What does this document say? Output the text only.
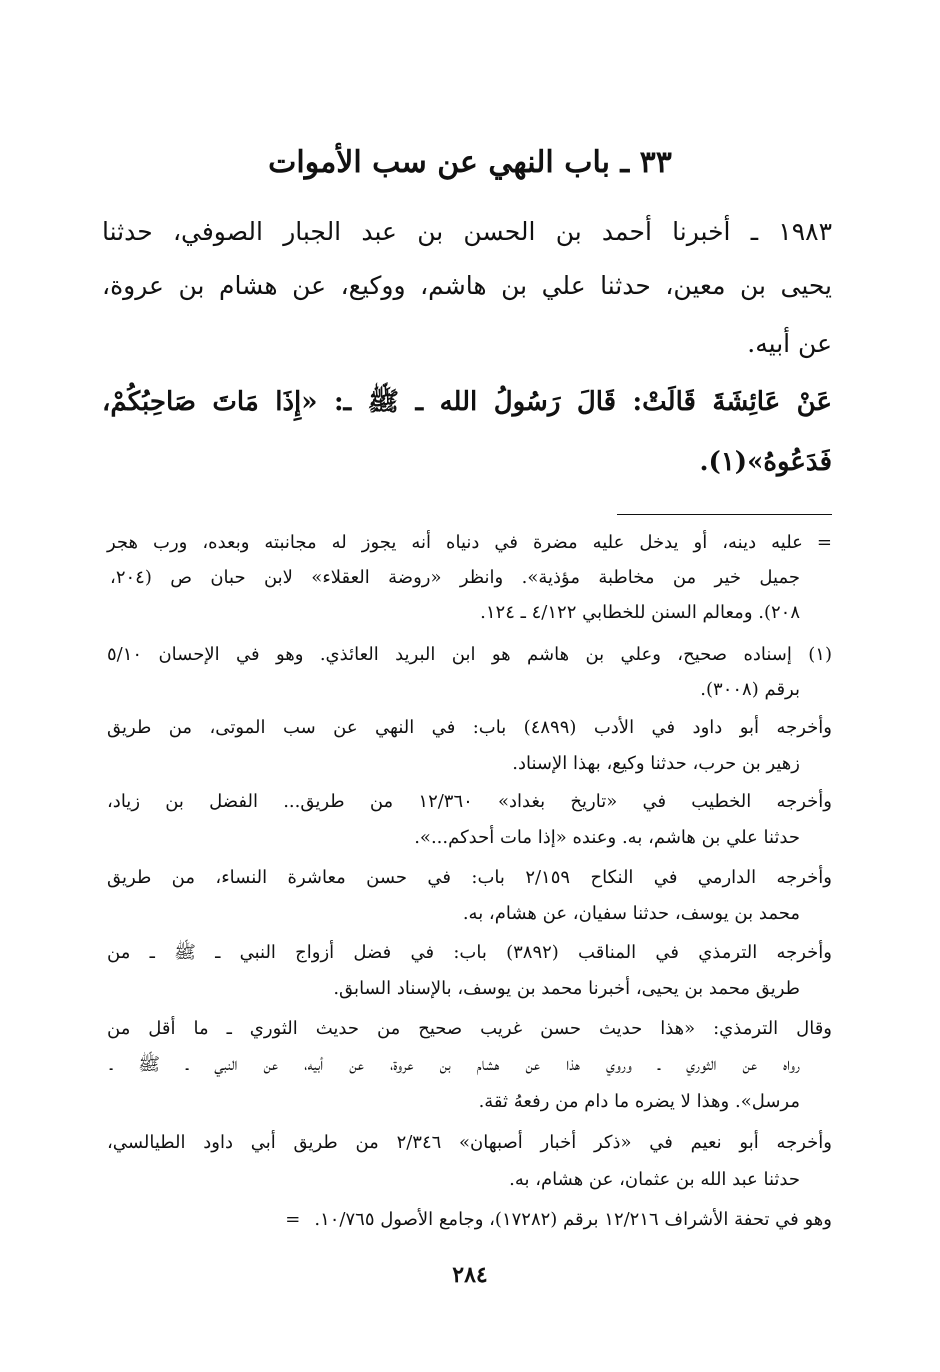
٣٣ ـ باب النهي عن سب الأموات
١٩٨٣ ـ أخبرنا أحمد بن الحسن بن عبد الجبار الصوفي، حدثنا
يحيى بن معين، حدثنا علي بن هاشم، ووكيع، عن هشام بن عروة،
عن أبيه.
عَنْ عَائِشَةَ قَالَتْ: قَالَ رَسُولُ الله ـ ﷺ ـ: «إِذَا مَاتَ صَاحِبُكُمْ،
فَدَعُوهُ»(١).
=عليه دينه، أو يدخل عليه مضرة في دنياه أنه يجوز له مجانبته وبعده، ورب هجر
جميل خير من مخاطبة مؤذية». وانظر «روضة العقلاء» لابن حبان ص (٢٠٤،
٢٠٨). ومعالم السنن للخطابي ٤/١٢٢ ـ ١٢٤.
(١) إسناده صحيح، وعلي بن هاشم هو ابن البريد العائذي. وهو في الإحسان ٥/١٠
برقم (٣٠٠٨).
وأخرجه أبو داود في الأدب (٤٨٩٩) باب: في النهي عن سب الموتى، من طريق
زهير بن حرب، حدثنا وكيع، بهذا الإسناد.
وأخرجه الخطيب في «تاريخ بغداد» ١٢/٣٦٠ من طريق... الفضل بن زياد،
حدثنا علي بن هاشم، به. وعنده «إذا مات أحدكم...».
وأخرجه الدارمي في النكاح ٢/١٥٩ باب: في حسن معاشرة النساء، من طريق
محمد بن يوسف، حدثنا سفيان، عن هشام، به.
وأخرجه الترمذي في المناقب (٣٨٩٢) باب: في فضل أزواج النبي ـ ﷺ ـ من
طريق محمد بن يحيى، أخبرنا محمد بن يوسف، بالإسناد السابق.
وقال الترمذي: «هذا حديث حسن غريب صحيح من حديث الثوري ـ ما أقل من
رواه عن الثوري ـ وروي هذا عن هشام بن عروة، عن أبيه، عن النبي ـ ﷺ ـ
مرسل». وهذا لا يضره ما دام من رفعهُ ثقة.
وأخرجه أبو نعيم في «ذكر أخبار أصبهان» ٢/٣٤٦ من طريق أبي داود الطيالسي،
حدثنا عبد الله بن عثمان، عن هشام، به.
وهو في تحفة الأشراف ١٢/٢١٦ برقم (١٧٢٨٢)، وجامع الأصول ١٠/٧٦٥.=
٢٨٤
